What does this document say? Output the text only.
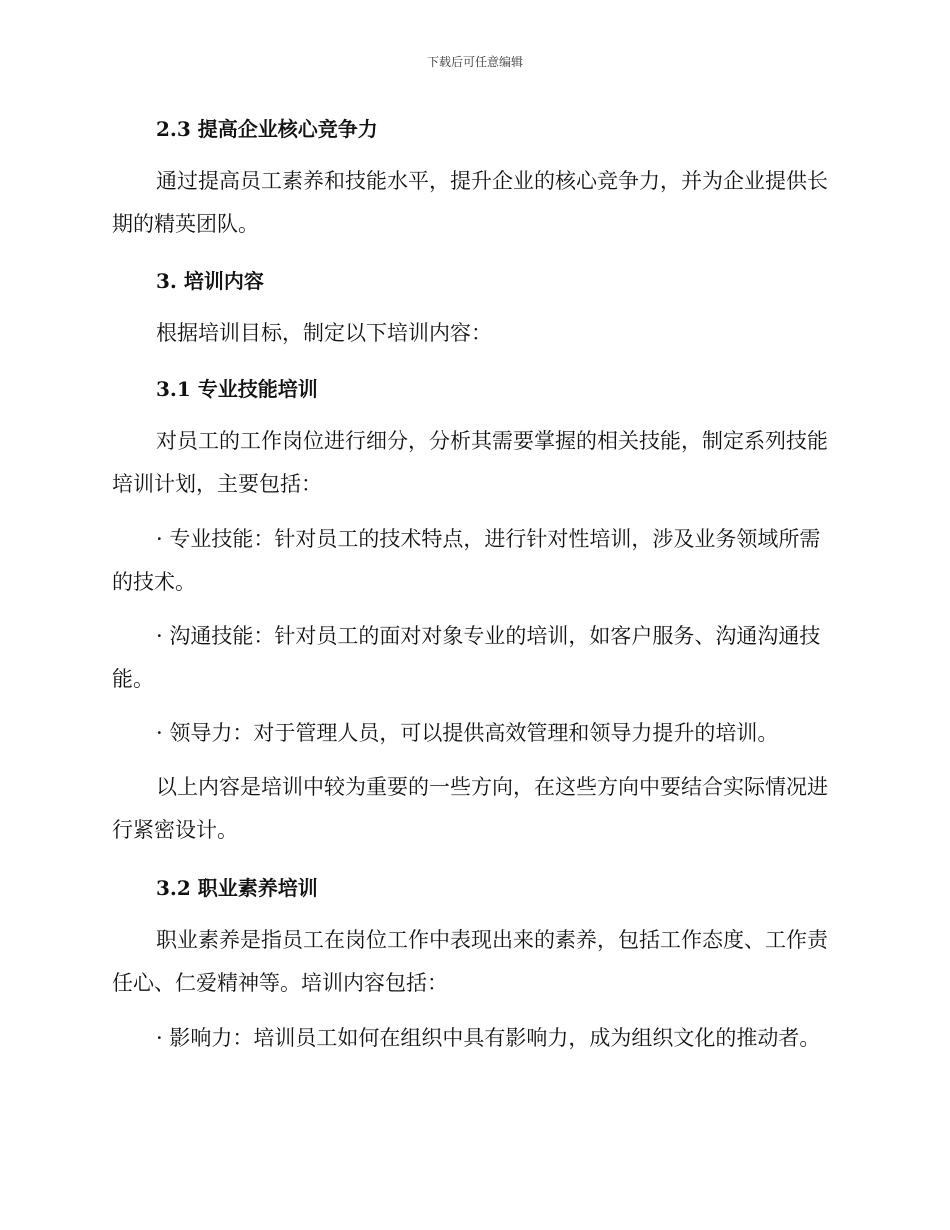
下载后可任意编辑
2.3 提高企业核心竞争力

通过提高员工素养和技能水平，提升企业的核心竞争力，并为企业提供长期的精英团队。

3. 培训内容

根据培训目标，制定以下培训内容：

3.1 专业技能培训

对员工的工作岗位进行细分，分析其需要掌握的相关技能，制定系列技能培训计划，主要包括：

· 专业技能：针对员工的技术特点，进行针对性培训，涉及业务领域所需的技术。

· 沟通技能：针对员工的面对对象专业的培训，如客户服务、沟通沟通技能。

· 领导力：对于管理人员，可以提供高效管理和领导力提升的培训。

以上内容是培训中较为重要的一些方向，在这些方向中要结合实际情况进行紧密设计。

3.2 职业素养培训

职业素养是指员工在岗位工作中表现出来的素养，包括工作态度、工作责任心、仁爱精神等。培训内容包括：

· 影响力：培训员工如何在组织中具有影响力，成为组织文化的推动者。
